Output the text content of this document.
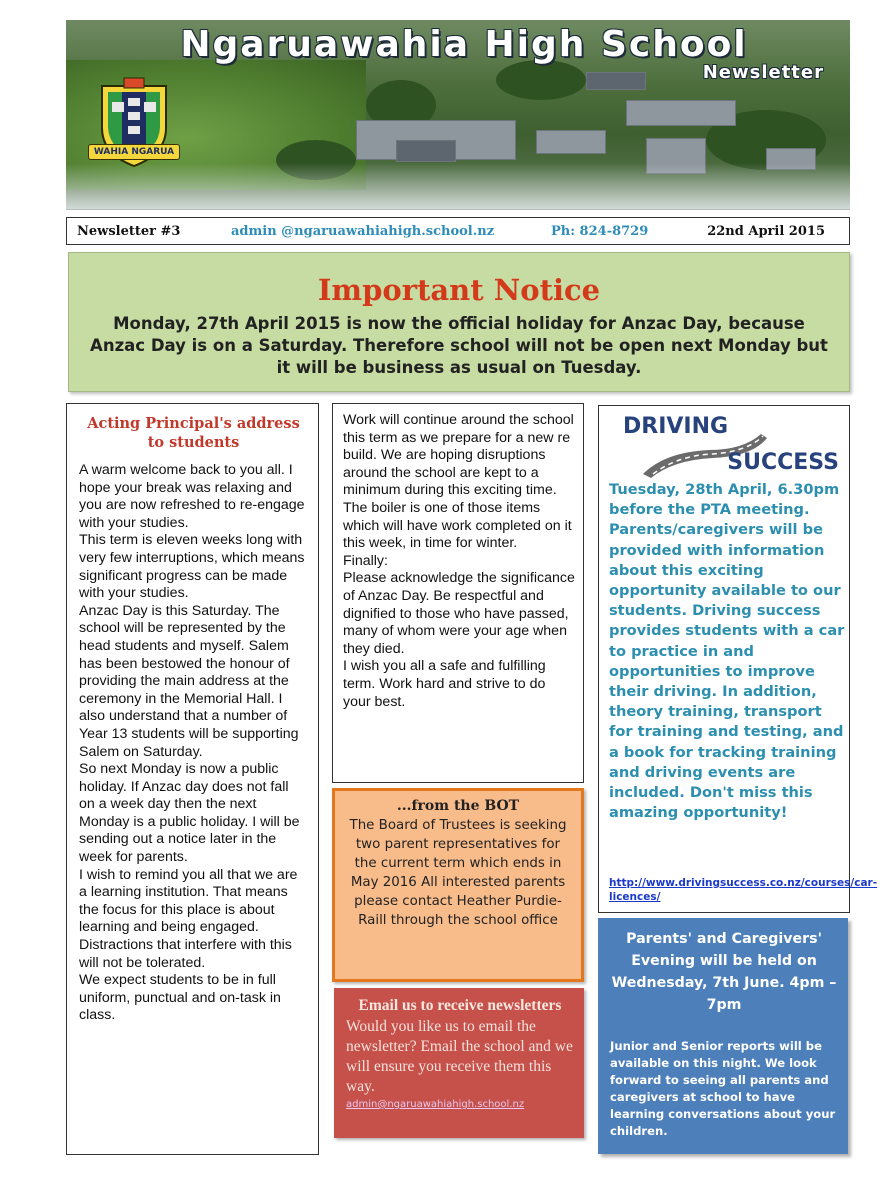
WAHIA NGARUA
Ngaruawahia High School
Newsletter
Newsletter #3	admin @ngaruawahiahigh.school.nz	Ph: 824-8729	22nd April 2015
Important Notice
Monday, 27th April 2015 is now the official holiday for Anzac Day, because Anzac Day is on a Saturday. Therefore school will not be open next Monday but it will be business as usual on Tuesday.
Acting Principal's address to students

A warm welcome back to you all. I hope your break was relaxing and you are now refreshed to re-engage with your studies.

This term is eleven weeks long with very few interruptions, which means significant progress can be made with your studies.

Anzac Day is this Saturday. The school will be represented by the head students and myself. Salem has been bestowed the honour of providing the main address at the ceremony in the Memorial Hall. I also understand that a number of Year 13 students will be supporting Salem on Saturday.

So next Monday is now a public holiday. If Anzac day does not fall on a week day then the next Monday is a public holiday. I will be sending out a notice later in the week for parents.

I wish to remind you all that we are a learning institution. That means the focus for this place is about learning and being engaged.

Distractions that interfere with this will not be tolerated.

We expect students to be in full uniform, punctual and on-task in class.

Work will continue around the school this term as we prepare for a new re build. We are hoping disruptions around the school are kept to a minimum during this exciting time.

The boiler is one of those items which will have work completed on it this week, in time for winter.

Finally:

Please acknowledge the significance of Anzac Day. Be respectful and dignified to those who have passed, many of whom were your age when they died.

I wish you all a safe and fulfilling term. Work hard and strive to do your best.

...from the BOT
The Board of Trustees is seeking two parent representatives for the current term which ends in May 2016 All interested parents please contact Heather Purdie-Raill through the school office
Email us to receive newsletters
Would you like us to email the newsletter? Email the school and we will ensure you receive them this way.
admin@ngaruawahiahigh.school.nz
DRIVING
SUCCESS
Tuesday, 28th April, 6.30pm before the PTA meeting. Parents/caregivers will be provided with information about this exciting opportunity available to our students. Driving success provides students with a car to practice in and opportunities to improve their driving. In addition, theory training, transport for training and testing, and a book for tracking training and driving events are included. Don't miss this amazing opportunity!
http://www.drivingsuccess.co.nz/courses/car-licences/
Parents' and Caregivers' Evening will be held on Wednesday, 7th June. 4pm – 7pm
Junior and Senior reports will be available on this night. We look forward to seeing all parents and caregivers at school to have learning conversations about your children.
